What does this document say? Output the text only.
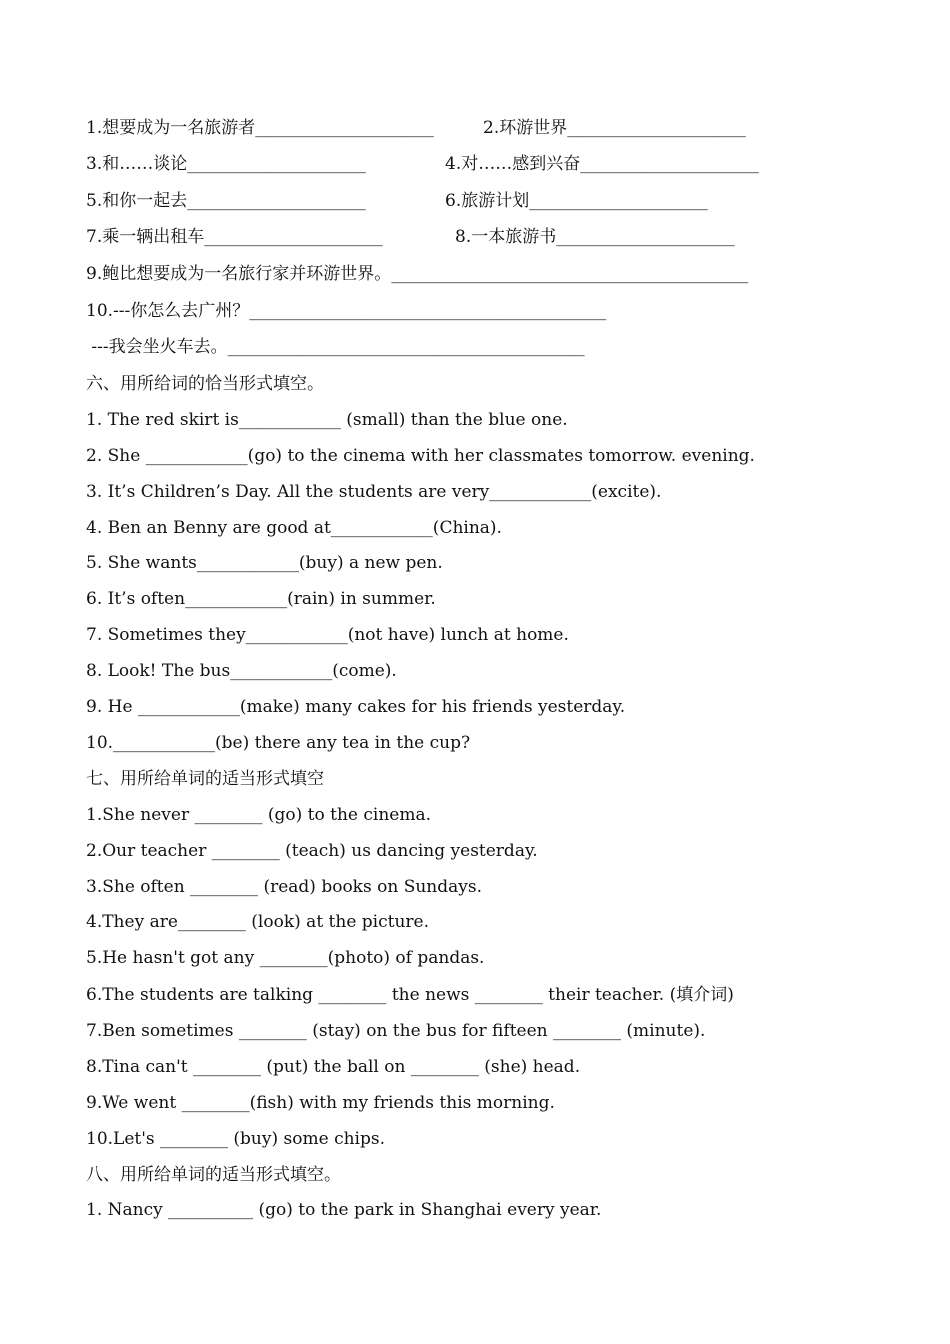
1.想要成为一名旅游者_____________________	2.环游世界_____________________
3.和……谈论_____________________	4.对……感到兴奋_____________________
5.和你一起去_____________________	6.旅游计划_____________________
7.乘一辆出租车_____________________	8.一本旅游书_____________________
9.鲍比想要成为一名旅行家并环游世界。__________________________________________
10.---你怎么去广州？__________________________________________
---我会坐火车去。__________________________________________
六、用所给词的恰当形式填空。
1. The red skirt is____________ (small) than the blue one.
2. She ____________(go) to the cinema with her classmates tomorrow. evening.
3. It’s Children’s Day. All the students are very____________(excite).
4. Ben an Benny are good at____________(China).
5. She wants____________(buy) a new pen.
6. It’s often____________(rain) in summer.
7. Sometimes they____________(not have) lunch at home.
8. Look! The bus____________(come).
9. He ____________(make) many cakes for his friends yesterday.
10.____________(be) there any tea in the cup?
七、用所给单词的适当形式填空
1.She never ________ (go) to the cinema.
2.Our teacher ________ (teach) us dancing yesterday.
3.She often ________ (read) books on Sundays.
4.They are________ (look) at the picture.
5.He hasn't got any ________(photo) of pandas.
6.The students are talking ________ the news ________ their teacher. (填介词)
7.Ben sometimes ________ (stay) on the bus for fifteen ________ (minute).
8.Tina can't ________ (put) the ball on ________ (she) head.
9.We went ________(fish) with my friends this morning.
10.Let's ________ (buy) some chips.
八、用所给单词的适当形式填空。
1. Nancy __________ (go) to the park in Shanghai every year.
